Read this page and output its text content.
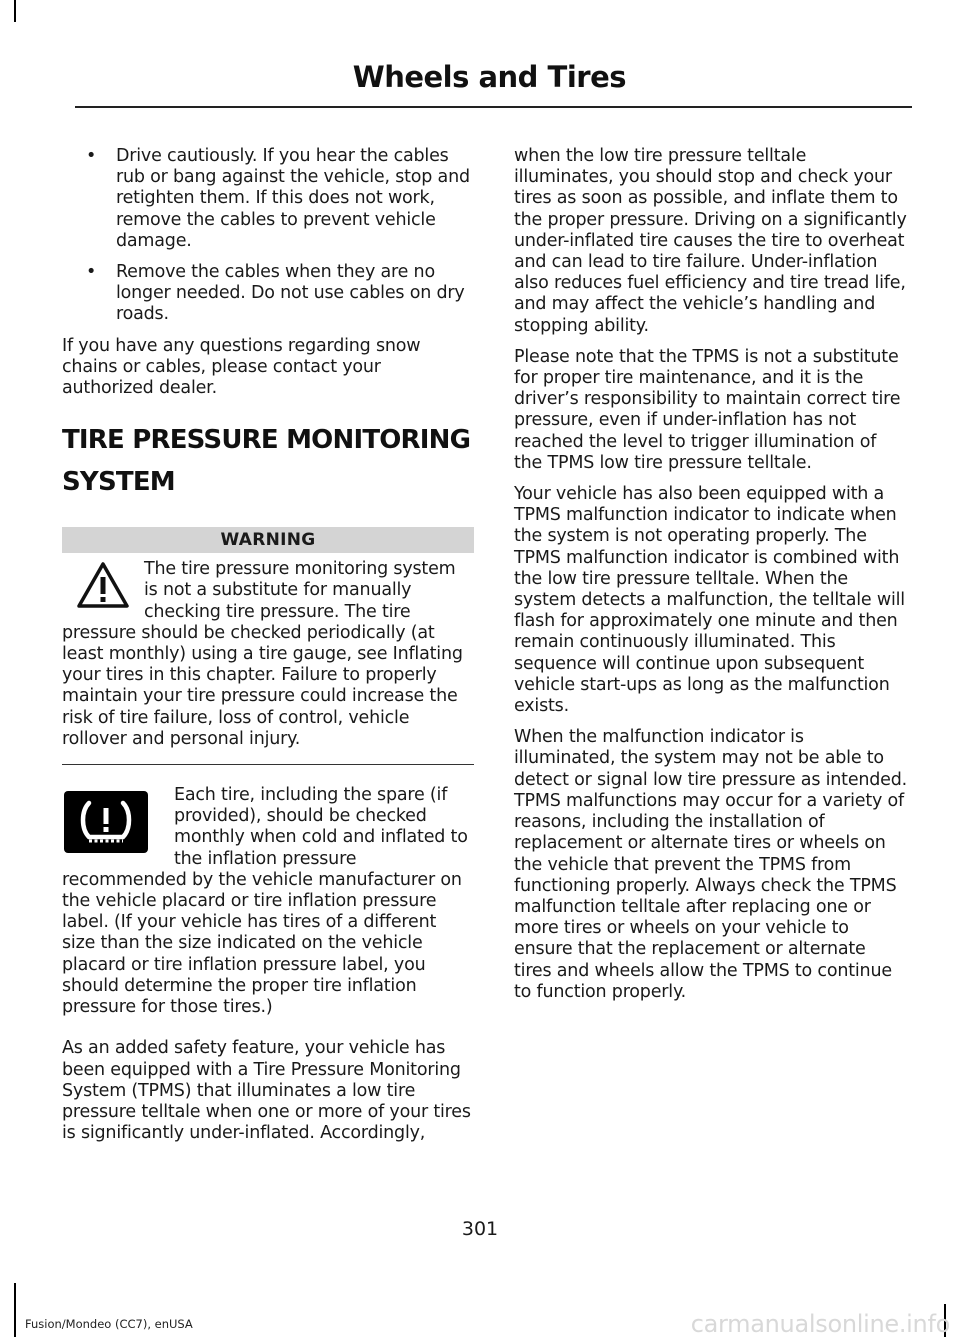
Wheels and Tires
• Drive cautiously. If you hear the cables rub or bang against the vehicle, stop and retighten them. If this does not work, remove the cables to prevent vehicle damage.
• Remove the cables when they are no longer needed. Do not use cables on dry roads.

If you have any questions regarding snow chains or cables, please contact your authorized dealer.

TIRE PRESSURE MONITORING
SYSTEM
WARNING
The tire pressure monitoring system is not a substitute for manually checking tire pressure. The tire pressure should be checked periodically (at least monthly) using a tire gauge, see Inflating your tires in this chapter. Failure to properly maintain your tire pressure could increase the risk of tire failure, loss of control, vehicle rollover and personal injury.

Each tire, including the spare (if provided), should be checked monthly when cold and inflated to the inflation pressure recommended by the vehicle manufacturer on the vehicle placard or tire inflation pressure label. (If your vehicle has tires of a different size than the size indicated on the vehicle placard or tire inflation pressure label, you should determine the proper tire inflation pressure for those tires.)

As an added safety feature, your vehicle has been equipped with a Tire Pressure Monitoring System (TPMS) that illuminates a low tire pressure telltale when one or more of your tires is significantly under-inflated. Accordingly,

when the low tire pressure telltale illuminates, you should stop and check your tires as soon as possible, and inflate them to the proper pressure. Driving on a significantly under-inflated tire causes the tire to overheat and can lead to tire failure. Under-inflation also reduces fuel efficiency and tire tread life, and may affect the vehicle’s handling and stopping ability.

Please note that the TPMS is not a substitute for proper tire maintenance, and it is the driver’s responsibility to maintain correct tire pressure, even if under-inflation has not reached the level to trigger illumination of the TPMS low tire pressure telltale.

Your vehicle has also been equipped with a TPMS malfunction indicator to indicate when the system is not operating properly. The TPMS malfunction indicator is combined with the low tire pressure telltale. When the system detects a malfunction, the telltale will flash for approximately one minute and then remain continuously illuminated. This sequence will continue upon subsequent vehicle start-ups as long as the malfunction exists.

When the malfunction indicator is illuminated, the system may not be able to detect or signal low tire pressure as intended. TPMS malfunctions may occur for a variety of reasons, including the installation of replacement or alternate tires or wheels on the vehicle that prevent the TPMS from functioning properly. Always check the TPMS malfunction telltale after replacing one or more tires or wheels on your vehicle to ensure that the replacement or alternate tires and wheels allow the TPMS to continue to function properly.

301
Fusion/Mondeo (CC7), enUSA	carmanualsonline.info
